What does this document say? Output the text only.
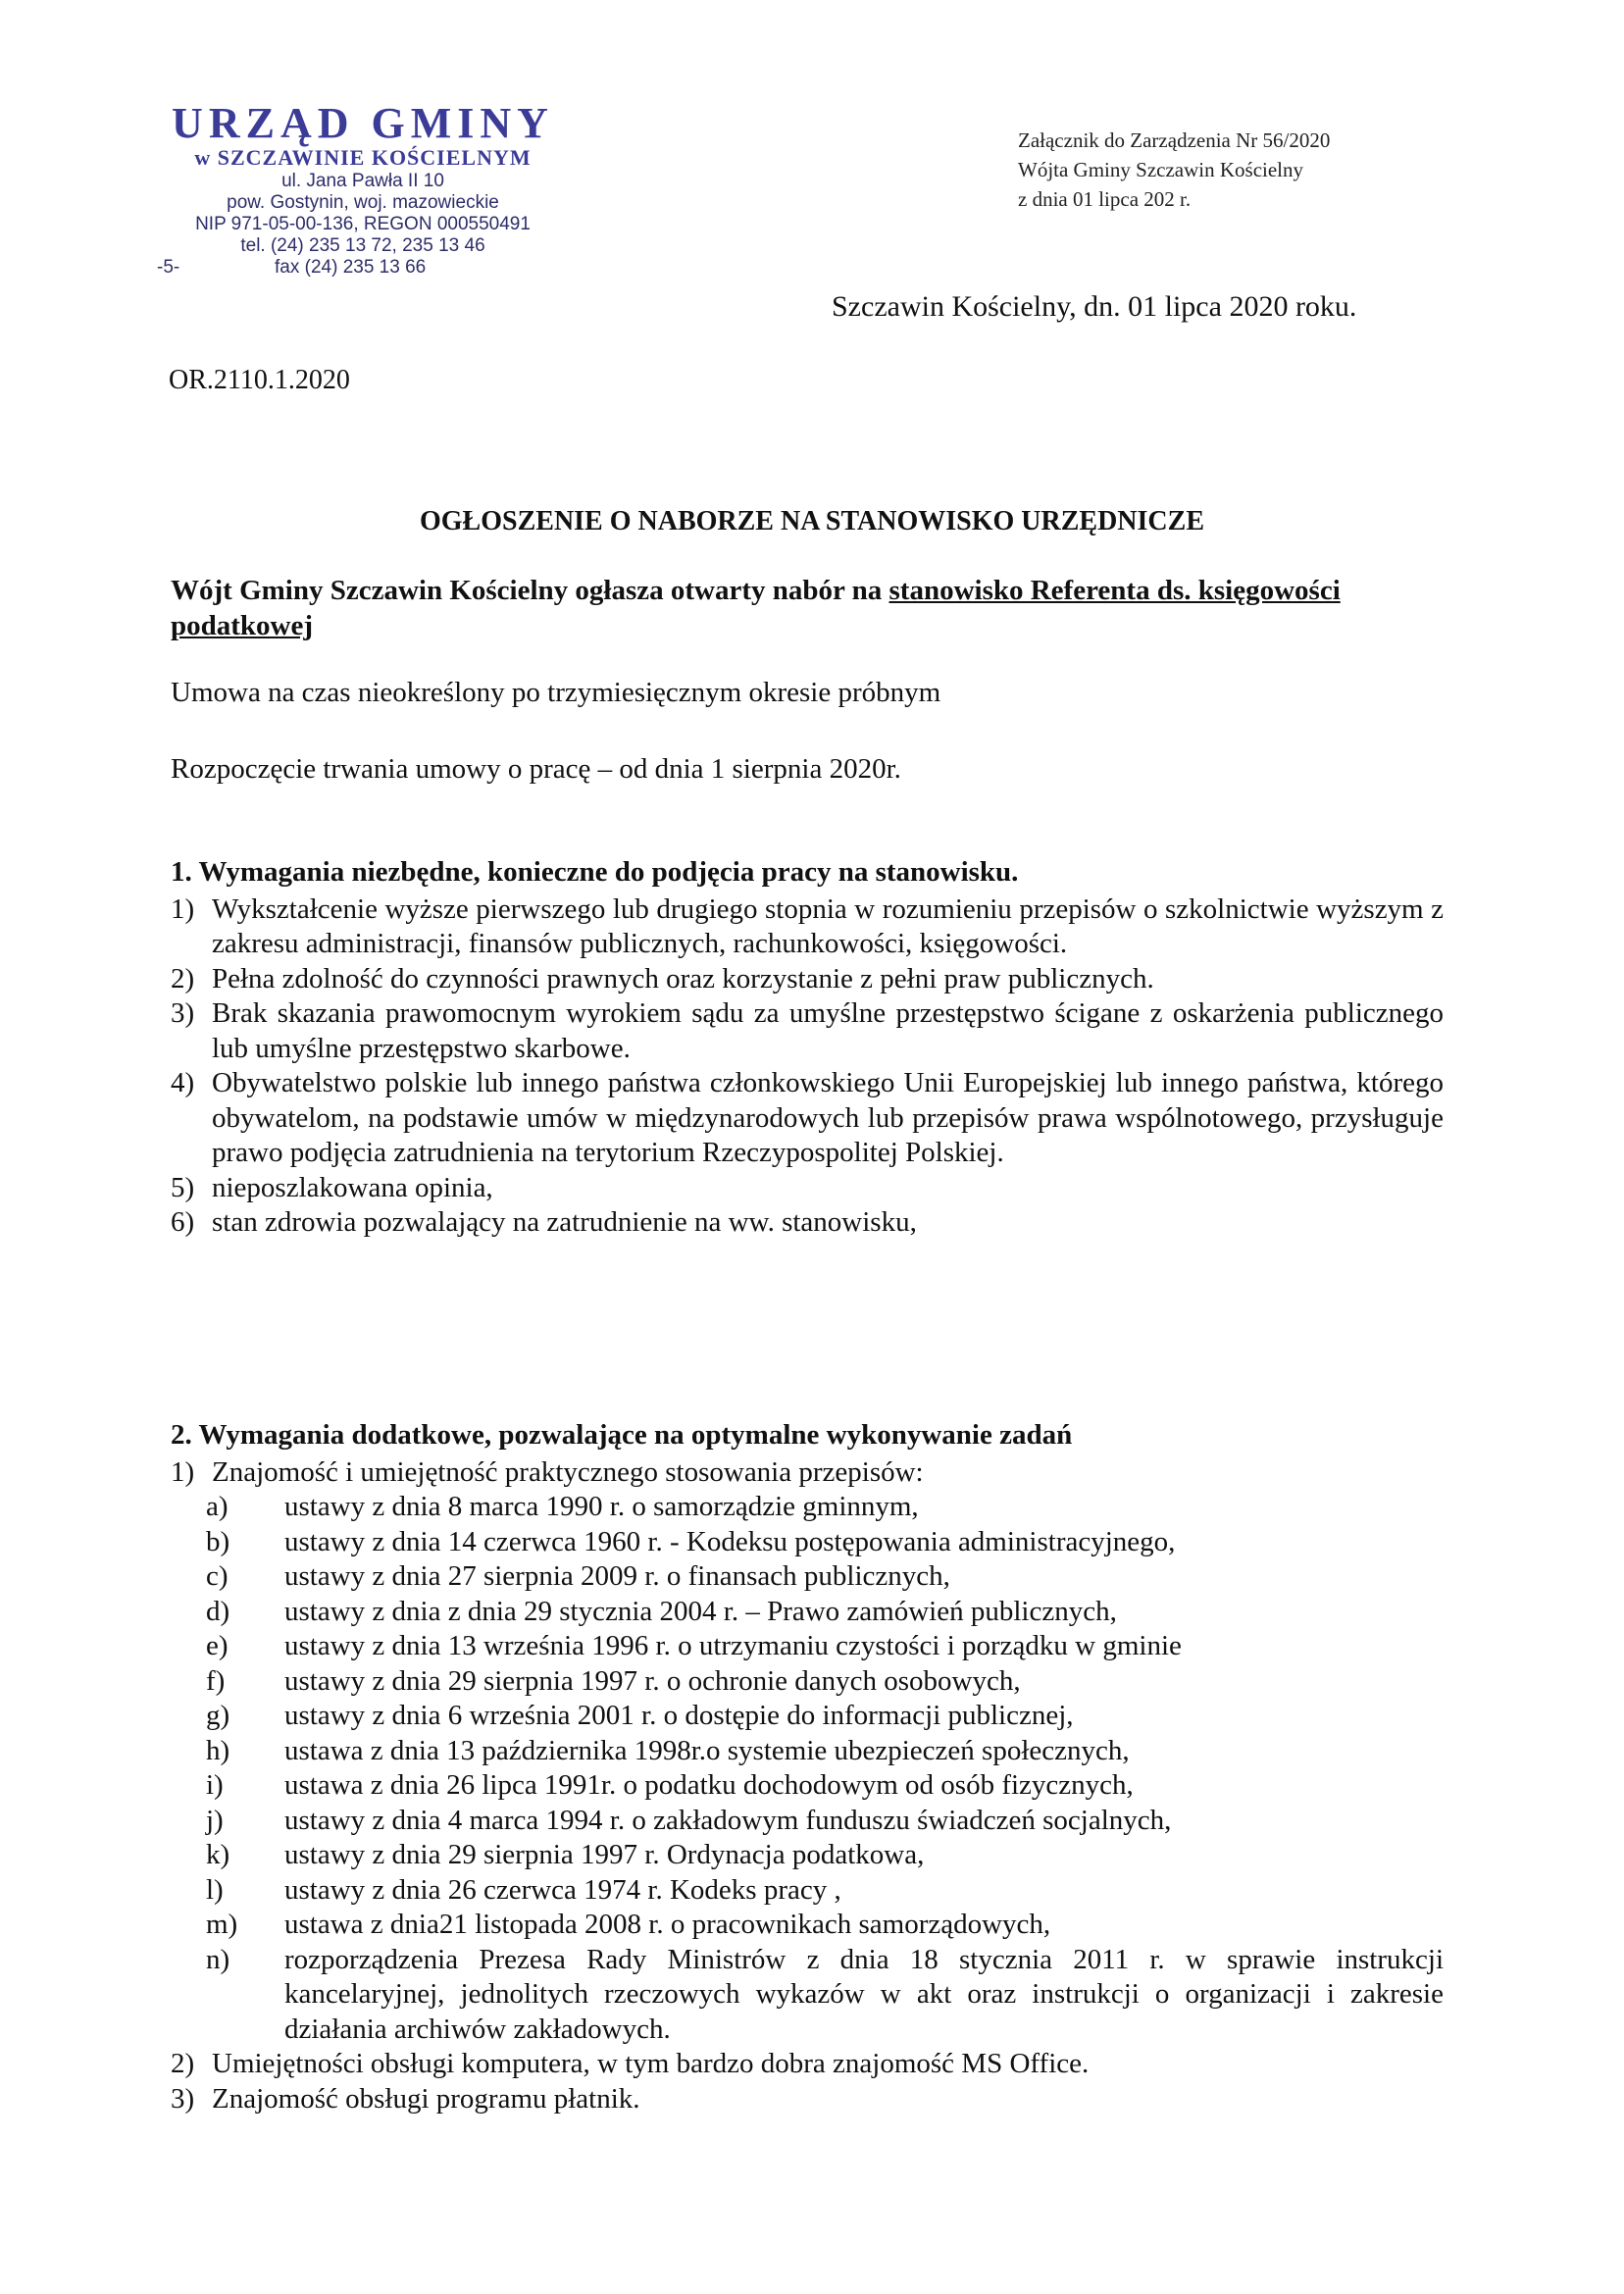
URZĄD GMINY
w SZCZAWINIE KOŚCIELNYM
ul. Jana Pawła II 10
pow. Gostynin, woj. mazowieckie
NIP 971-05-00-136, REGON 000550491
tel. (24) 235 13 72, 235 13 46
-5-	fax (24) 235 13 66
Załącznik do Zarządzenia Nr 56/2020
Wójta Gminy Szczawin Kościelny
z dnia 01 lipca 202 r.
Szczawin Kościelny, dn. 01 lipca 2020 roku.
OR.2110.1.2020
OGŁOSZENIE O NABORZE NA STANOWISKO URZĘDNICZE
Wójt Gminy Szczawin Kościelny ogłasza otwarty nabór na stanowisko Referenta ds. księgowości podatkowej
Umowa na czas nieokreślony po trzymiesięcznym okresie próbnym
Rozpoczęcie trwania umowy o pracę – od dnia 1 sierpnia 2020r.
1. Wymagania niezbędne, konieczne do podjęcia pracy na stanowisku.
1) Wykształcenie wyższe pierwszego lub drugiego stopnia w rozumieniu przepisów o szkolnictwie wyższym z zakresu administracji, finansów publicznych, rachunkowości, księgowości.
2) Pełna zdolność do czynności prawnych oraz korzystanie z pełni praw publicznych.
3) Brak skazania prawomocnym wyrokiem sądu za umyślne przestępstwo ścigane z oskarżenia publicznego lub umyślne przestępstwo skarbowe.
4) Obywatelstwo polskie lub innego państwa członkowskiego Unii Europejskiej lub innego państwa, którego obywatelom, na podstawie umów w międzynarodowych lub przepisów prawa wspólnotowego, przysługuje prawo podjęcia zatrudnienia na terytorium Rzeczypospolitej Polskiej.
5) nieposzlakowana opinia,
6) stan zdrowia pozwalający na zatrudnienie na ww. stanowisku,
2. Wymagania dodatkowe, pozwalające na optymalne wykonywanie zadań
1) Znajomość i umiejętność praktycznego stosowania przepisów:
a)	ustawy z dnia 8 marca 1990 r. o samorządzie gminnym,
b)	ustawy z dnia 14 czerwca 1960 r. - Kodeksu postępowania administracyjnego,
c)	ustawy z dnia 27 sierpnia 2009 r. o finansach publicznych,
d)	ustawy z dnia z dnia 29 stycznia 2004 r. – Prawo zamówień publicznych,
e)	ustawy z dnia 13 września 1996 r. o utrzymaniu czystości i porządku w gminie
f)	ustawy z dnia 29 sierpnia 1997 r. o ochronie danych osobowych,
g)	ustawy z dnia 6 września 2001 r. o dostępie do informacji publicznej,
h)	ustawa z dnia 13 października 1998r.o systemie ubezpieczeń społecznych,
i)	ustawa z dnia 26 lipca 1991r. o podatku dochodowym od osób fizycznych,
j)	ustawy z dnia 4 marca 1994 r. o zakładowym funduszu świadczeń socjalnych,
k)	ustawy z dnia 29 sierpnia 1997 r. Ordynacja podatkowa,
l)	ustawy z dnia 26 czerwca 1974 r. Kodeks pracy ,
m)	ustawa z dnia21 listopada 2008 r. o pracownikach samorządowych,
n)	rozporządzenia Prezesa Rady Ministrów z dnia 18 stycznia 2011 r. w sprawie instrukcji kancelaryjnej, jednolitych rzeczowych wykazów w akt oraz instrukcji o organizacji i zakresie działania archiwów zakładowych.
2) Umiejętności obsługi komputera, w tym bardzo dobra znajomość MS Office.
3) Znajomość obsługi programu płatnik.
